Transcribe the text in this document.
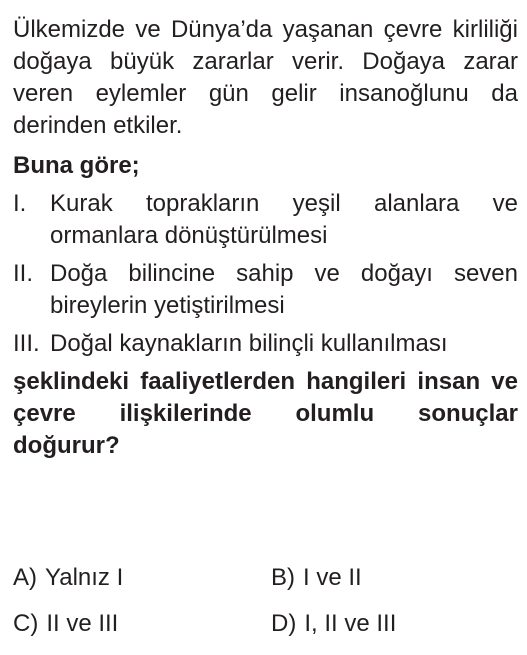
Ülkemizde ve Dünya’da yaşanan çevre kirliliği doğaya büyük zararlar verir. Doğaya zarar veren eylemler gün gelir insanoğlunu da derinden etkiler.

Buna göre;

I. Kurak toprakların yeşil alanlara ve ormanlara dönüştürülmesi
II. Doğa bilincine sahip ve doğayı seven bireylerin yetiştirilmesi
III. Doğal kaynakların bilinçli kullanılması

şeklindeki faaliyetlerden hangileri insan ve çevre ilişkilerinde olumlu sonuçlar doğurur?

A) Yalnız I	B) I ve II
C) II ve III	D) I, II ve III
